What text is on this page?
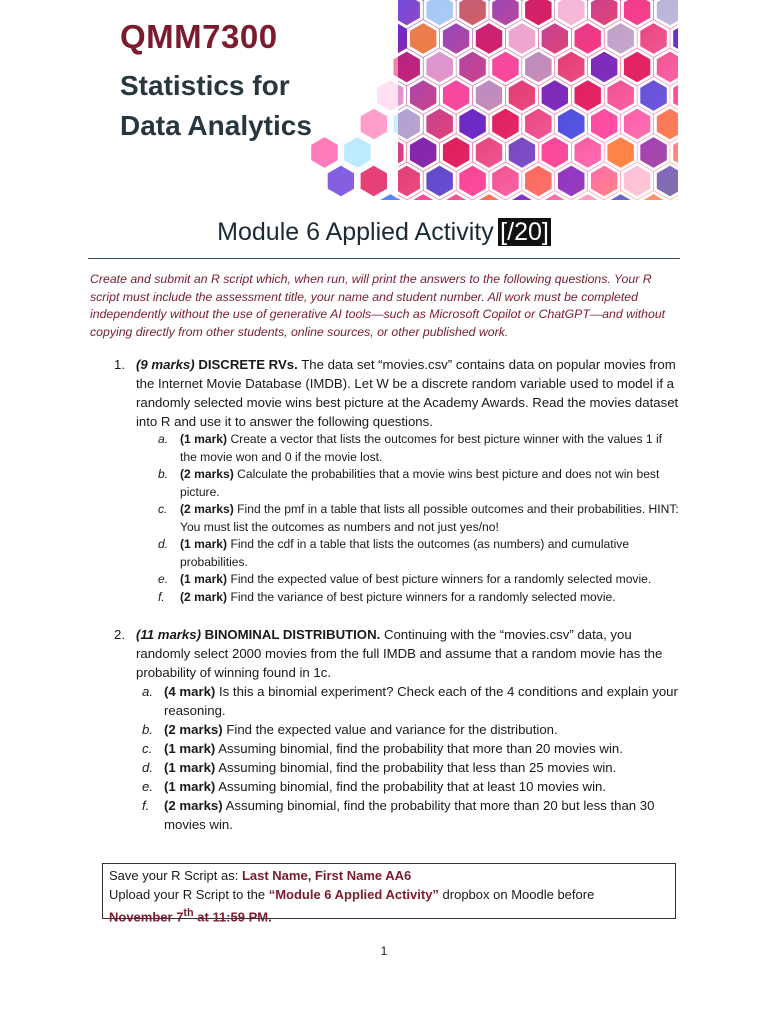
QMM7300
Statistics for Data Analytics
Module 6 Applied Activity [/20]
Create and submit an R script which, when run, will print the answers to the following questions. Your R script must include the assessment title, your name and student number. All work must be completed independently without the use of generative AI tools—such as Microsoft Copilot or ChatGPT—and without copying directly from other students, online sources, or other published work.
1. (9 marks) DISCRETE RVs. The data set “movies.csv” contains data on popular movies from the Internet Movie Database (IMDB). Let W be a discrete random variable used to model if a randomly selected movie wins best picture at the Academy Awards. Read the movies dataset into R and use it to answer the following questions.
a. (1 mark) Create a vector that lists the outcomes for best picture winner with the values 1 if the movie won and 0 if the movie lost.
b. (2 marks) Calculate the probabilities that a movie wins best picture and does not win best picture.
c. (2 marks) Find the pmf in a table that lists all possible outcomes and their probabilities. HINT: You must list the outcomes as numbers and not just yes/no!
d. (1 mark) Find the cdf in a table that lists the outcomes (as numbers) and cumulative probabilities.
e. (1 mark) Find the expected value of best picture winners for a randomly selected movie.
f. (2 mark) Find the variance of best picture winners for a randomly selected movie.
2. (11 marks) BINOMINAL DISTRIBUTION. Continuing with the “movies.csv” data, you randomly select 2000 movies from the full IMDB and assume that a random movie has the probability of winning found in 1c.
a. (4 mark) Is this a binomial experiment? Check each of the 4 conditions and explain your reasoning.
b. (2 marks) Find the expected value and variance for the distribution.
c. (1 mark) Assuming binomial, find the probability that more than 20 movies win.
d. (1 mark) Assuming binomial, find the probability that less than 25 movies win.
e. (1 mark) Assuming binomial, find the probability that at least 10 movies win.
f. (2 marks) Assuming binomial, find the probability that more than 20 but less than 30 movies win.
Save your R Script as: Last Name, First Name AA6
Upload your R Script to the “Module 6 Applied Activity” dropbox on Moodle before
November 7th at 11:59 PM.
1
